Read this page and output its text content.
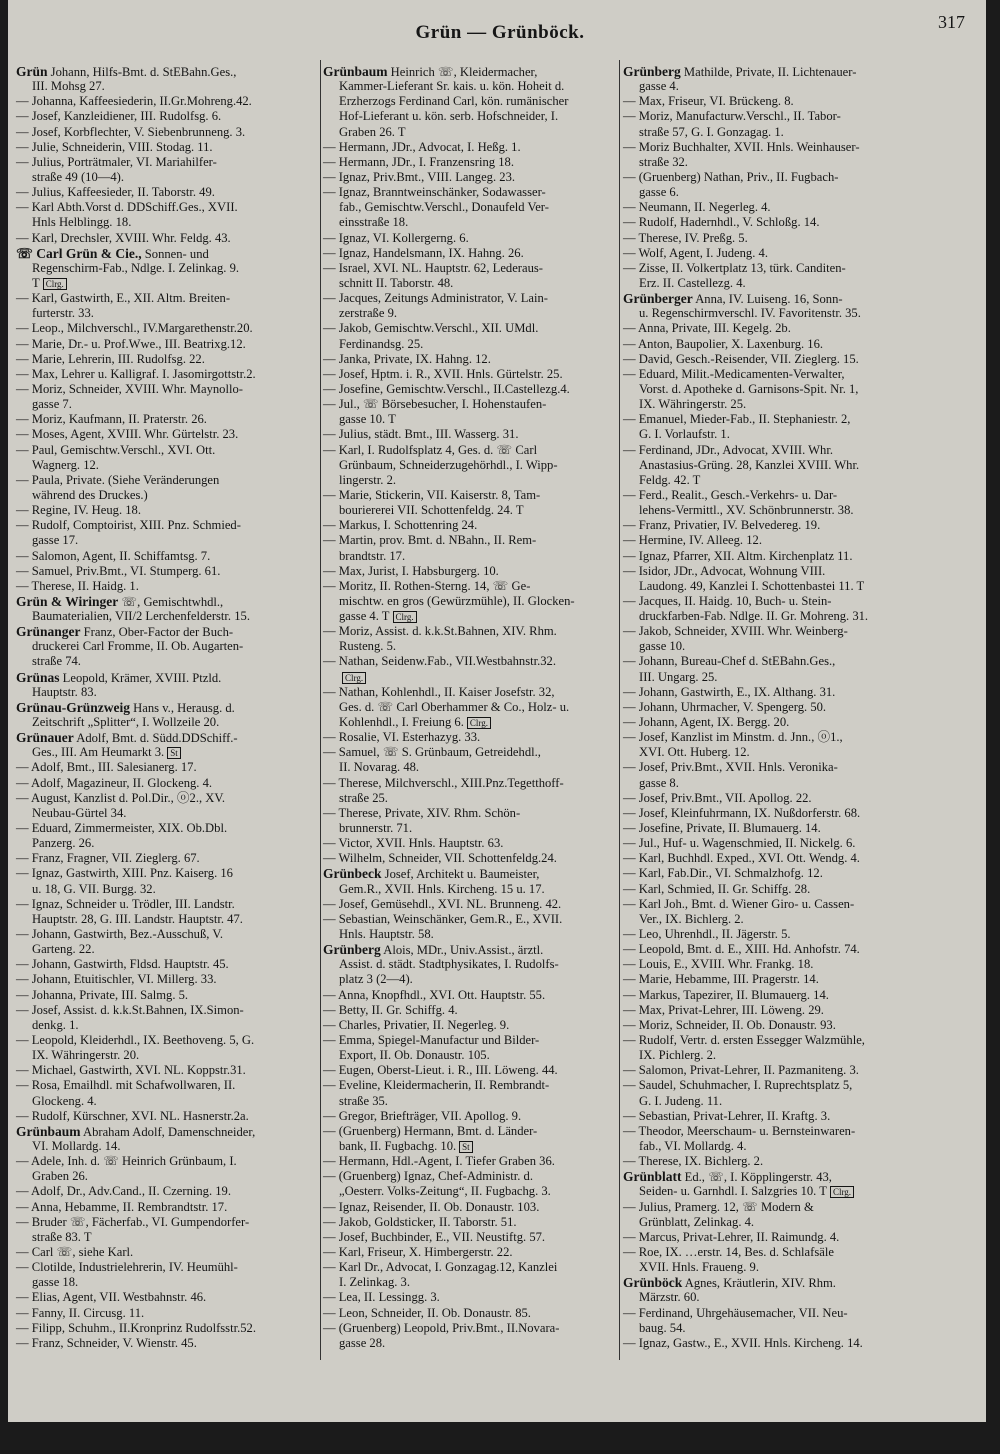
Grün — Grünböck.	317
Grün Johann, Hilfs-Bmt. d. StEBahn.Ges.,
III. Mohsg 27.
— Johanna, Kaffeesiederin, II.Gr.Mohreng.42.
— Josef, Kanzleidiener, III. Rudolfsg. 6.
— Josef, Korbflechter, V. Siebenbrunneng. 3.
— Julie, Schneiderin, VIII. Stodag. 11.
— Julius, Porträtmaler, VI. Mariahilfer-
straße 49 (10—4).
— Julius, Kaffeesieder, II. Taborstr. 49.
— Karl Abth.Vorst d. DDSchiff.Ges., XVII.
Hnls Helblingg. 18.
— Karl, Drechsler, XVIII. Whr. Feldg. 43.
☏ Carl Grün & Cie., Sonnen- und
Regenschirm-Fab., Ndlge. I. Zelinkag. 9.
T Clrg.
— Karl, Gastwirth, E., XII. Altm. Breiten-
furterstr. 33.
— Leop., Milchverschl., IV.Margarethenstr.20.
— Marie, Dr.- u. Prof.Wwe., III. Beatrixg.12.
— Marie, Lehrerin, III. Rudolfsg. 22.
— Max, Lehrer u. Kalligraf. I. Jasomirgottstr.2.
— Moriz, Schneider, XVIII. Whr. Maynollo-
gasse 7.
— Moriz, Kaufmann, II. Praterstr. 26.
— Moses, Agent, XVIII. Whr. Gürtelstr. 23.
— Paul, Gemischtw.Verschl., XVI. Ott.
Wagnerg. 12.
— Paula, Private. (Siehe Veränderungen
während des Druckes.)
— Regine, IV. Heug. 18.
— Rudolf, Comptoirist, XIII. Pnz. Schmied-
gasse 17.
— Salomon, Agent, II. Schiffamtsg. 7.
— Samuel, Priv.Bmt., VI. Stumperg. 61.
— Therese, II. Haidg. 1.
Grün & Wiringer ☏, Gemischtwhdl.,
Baumaterialien, VII/2 Lerchenfelderstr. 15.
Grünanger Franz, Ober-Factor der Buch-
druckerei Carl Fromme, II. Ob. Augarten-
straße 74.
Grünas Leopold, Krämer, XVIII. Ptzld.
Hauptstr. 83.
Grünau-Grünzweig Hans v., Herausg. d.
Zeitschrift „Splitter“, I. Wollzeile 20.
Grünauer Adolf, Bmt. d. Südd.DDSchiff.-
Ges., III. Am Heumarkt 3. St
— Adolf, Bmt., III. Salesianerg. 17.
— Adolf, Magazineur, II. Glockeng. 4.
— August, Kanzlist d. Pol.Dir., ⓞ2., XV.
Neubau-Gürtel 34.
— Eduard, Zimmermeister, XIX. Ob.Dbl.
Panzerg. 26.
— Franz, Fragner, VII. Zieglerg. 67.
— Ignaz, Gastwirth, XIII. Pnz. Kaiserg. 16
u. 18, G. VII. Burgg. 32.
— Ignaz, Schneider u. Trödler, III. Landstr.
Hauptstr. 28, G. III. Landstr. Hauptstr. 47.
— Johann, Gastwirth, Bez.-Ausschuß, V.
Garteng. 22.
— Johann, Gastwirth, Fldsd. Hauptstr. 45.
— Johann, Etuitischler, VI. Millerg. 33.
— Johanna, Private, III. Salmg. 5.
— Josef, Assist. d. k.k.St.Bahnen, IX.Simon-
denkg. 1.
— Leopold, Kleiderhdl., IX. Beethoveng. 5, G.
IX. Währingerstr. 20.
— Michael, Gastwirth, XVI. NL. Koppstr.31.
— Rosa, Emailhdl. mit Schafwollwaren, II.
Glockeng. 4.
— Rudolf, Kürschner, XVI. NL. Hasnerstr.2a.
Grünbaum Abraham Adolf, Damenschneider,
VI. Mollardg. 14.
— Adele, Inh. d. ☏ Heinrich Grünbaum, I.
Graben 26.
— Adolf, Dr., Adv.Cand., II. Czerning. 19.
— Anna, Hebamme, II. Rembrandtstr. 17.
— Bruder ☏, Fächerfab., VI. Gumpendorfer-
straße 83. T
— Carl ☏, siehe Karl.
— Clotilde, Industrielehrerin, IV. Heumühl-
gasse 18.
— Elias, Agent, VII. Westbahnstr. 46.
— Fanny, II. Circusg. 11.
— Filipp, Schuhm., II.Kronprinz Rudolfsstr.52.
— Franz, Schneider, V. Wienstr. 45.
Grünbaum Heinrich ☏, Kleidermacher,
Kammer-Lieferant Sr. kais. u. kön. Hoheit d.
Erzherzogs Ferdinand Carl, kön. rumänischer
Hof-Lieferant u. kön. serb. Hofschneider, I.
Graben 26. T
— Hermann, JDr., Advocat, I. Heßg. 1.
— Hermann, JDr., I. Franzensring 18.
— Ignaz, Priv.Bmt., VIII. Langeg. 23.
— Ignaz, Branntweinschänker, Sodawasser-
fab., Gemischtw.Verschl., Donaufeld Ver-
einsstraße 18.
— Ignaz, VI. Kollergerng. 6.
— Ignaz, Handelsmann, IX. Hahng. 26.
— Israel, XVI. NL. Hauptstr. 62, Lederaus-
schnitt II. Taborstr. 48.
— Jacques, Zeitungs Administrator, V. Lain-
zerstraße 9.
— Jakob, Gemischtw.Verschl., XII. UMdl.
Ferdinandsg. 25.
— Janka, Private, IX. Hahng. 12.
— Josef, Hptm. i. R., XVII. Hnls. Gürtelstr. 25.
— Josefine, Gemischtw.Verschl., II.Castellezg.4.
— Jul., ☏ Börsebesucher, I. Hohenstaufen-
gasse 10. T
— Julius, städt. Bmt., III. Wasserg. 31.
— Karl, I. Rudolfsplatz 4, Ges. d. ☏ Carl
Grünbaum, Schneiderzugehörhdl., I. Wipp-
lingerstr. 2.
— Marie, Stickerin, VII. Kaiserstr. 8, Tam-
bouriererei VII. Schottenfeldg. 24. T
— Markus, I. Schottenring 24.
— Martin, prov. Bmt. d. NBahn., II. Rem-
brandtstr. 17.
— Max, Jurist, I. Habsburgerg. 10.
— Moritz, II. Rothen-Sterng. 14, ☏ Ge-
mischtw. en gros (Gewürzmühle), II. Glocken-
gasse 4. T Clrg.
— Moriz, Assist. d. k.k.St.Bahnen, XIV. Rhm.
Rusteng. 5.
— Nathan, Seidenw.Fab., VII.Westbahnstr.32.
Clrg.
— Nathan, Kohlenhdl., II. Kaiser Josefstr. 32,
Ges. d. ☏ Carl Oberhammer & Co., Holz- u.
Kohlenhdl., I. Freiung 6. Clrg.
— Rosalie, VI. Esterhazyg. 33.
— Samuel, ☏ S. Grünbaum, Getreidehdl.,
II. Novarag. 48.
— Therese, Milchverschl., XIII.Pnz.Tegetthoff-
straße 25.
— Therese, Private, XIV. Rhm. Schön-
brunnerstr. 71.
— Victor, XVII. Hnls. Hauptstr. 63.
— Wilhelm, Schneider, VII. Schottenfeldg.24.
Grünbeck Josef, Architekt u. Baumeister,
Gem.R., XVII. Hnls. Kircheng. 15 u. 17.
— Josef, Gemüsehdl., XVI. NL. Brunneng. 42.
— Sebastian, Weinschänker, Gem.R., E., XVII.
Hnls. Hauptstr. 58.
Grünberg Alois, MDr., Univ.Assist., ärztl.
Assist. d. städt. Stadtphysikates, I. Rudolfs-
platz 3 (2—4).
— Anna, Knopfhdl., XVI. Ott. Hauptstr. 55.
— Betty, II. Gr. Schiffg. 4.
— Charles, Privatier, II. Negerleg. 9.
— Emma, Spiegel-Manufactur und Bilder-
Export, II. Ob. Donaustr. 105.
— Eugen, Oberst-Lieut. i. R., III. Löweng. 44.
— Eveline, Kleidermacherin, II. Rembrandt-
straße 35.
— Gregor, Briefträger, VII. Apollog. 9.
— (Gruenberg) Hermann, Bmt. d. Länder-
bank, II. Fugbachg. 10. St
— Hermann, Hdl.-Agent, I. Tiefer Graben 36.
— (Gruenberg) Ignaz, Chef-Administr. d.
„Oesterr. Volks-Zeitung“, II. Fugbachg. 3.
— Ignaz, Reisender, II. Ob. Donaustr. 103.
— Jakob, Goldsticker, II. Taborstr. 51.
— Josef, Buchbinder, E., VII. Neustiftg. 57.
— Karl, Friseur, X. Himbergerstr. 22.
— Karl Dr., Advocat, I. Gonzagag.12, Kanzlei
I. Zelinkag. 3.
— Lea, II. Lessingg. 3.
— Leon, Schneider, II. Ob. Donaustr. 85.
— (Gruenberg) Leopold, Priv.Bmt., II.Novara-
gasse 28.
Grünberg Mathilde, Private, II. Lichtenauer-
gasse 4.
— Max, Friseur, VI. Brückeng. 8.
— Moriz, Manufacturw.Verschl., II. Tabor-
straße 57, G. I. Gonzagag. 1.
— Moriz Buchhalter, XVII. Hnls. Weinhauser-
straße 32.
— (Gruenberg) Nathan, Priv., II. Fugbach-
gasse 6.
— Neumann, II. Negerleg. 4.
— Rudolf, Hadernhdl., V. Schloßg. 14.
— Therese, IV. Preßg. 5.
— Wolf, Agent, I. Judeng. 4.
— Zisse, II. Volkertplatz 13, türk. Canditen-
Erz. II. Castellezg. 4.
Grünberger Anna, IV. Luiseng. 16, Sonn-
u. Regenschirmverschl. IV. Favoritenstr. 35.
— Anna, Private, III. Kegelg. 2b.
— Anton, Baupolier, X. Laxenburg. 16.
— David, Gesch.-Reisender, VII. Zieglerg. 15.
— Eduard, Milit.-Medicamenten-Verwalter,
Vorst. d. Apotheke d. Garnisons-Spit. Nr. 1,
IX. Währingerstr. 25.
— Emanuel, Mieder-Fab., II. Stephaniestr. 2,
G. I. Vorlaufstr. 1.
— Ferdinand, JDr., Advocat, XVIII. Whr.
Anastasius-Grüng. 28, Kanzlei XVIII. Whr.
Feldg. 42. T
— Ferd., Realit., Gesch.-Verkehrs- u. Dar-
lehens-Vermittl., XV. Schönbrunnerstr. 38.
— Franz, Privatier, IV. Belvedereg. 19.
— Hermine, IV. Alleeg. 12.
— Ignaz, Pfarrer, XII. Altm. Kirchenplatz 11.
— Isidor, JDr., Advocat, Wohnung VIII.
Laudong. 49, Kanzlei I. Schottenbastei 11. T
— Jacques, II. Haidg. 10, Buch- u. Stein-
druckfarben-Fab. Ndlge. II. Gr. Mohreng. 31.
— Jakob, Schneider, XVIII. Whr. Weinberg-
gasse 10.
— Johann, Bureau-Chef d. StEBahn.Ges.,
III. Ungarg. 25.
— Johann, Gastwirth, E., IX. Althang. 31.
— Johann, Uhrmacher, V. Spengerg. 50.
— Johann, Agent, IX. Bergg. 20.
— Josef, Kanzlist im Minstm. d. Jnn., ⓞ1.,
XVI. Ott. Huberg. 12.
— Josef, Priv.Bmt., XVII. Hnls. Veronika-
gasse 8.
— Josef, Priv.Bmt., VII. Apollog. 22.
— Josef, Kleinfuhrmann, IX. Nußdorferstr. 68.
— Josefine, Private, II. Blumauerg. 14.
— Jul., Huf- u. Wagenschmied, II. Nickelg. 6.
— Karl, Buchhdl. Exped., XVI. Ott. Wendg. 4.
— Karl, Fab.Dir., VI. Schmalzhofg. 12.
— Karl, Schmied, II. Gr. Schiffg. 28.
— Karl Joh., Bmt. d. Wiener Giro- u. Cassen-
Ver., IX. Bichlerg. 2.
— Leo, Uhrenhdl., II. Jägerstr. 5.
— Leopold, Bmt. d. E., XIII. Hd. Anhofstr. 74.
— Louis, E., XVIII. Whr. Frankg. 18.
— Marie, Hebamme, III. Pragerstr. 14.
— Markus, Tapezirer, II. Blumauerg. 14.
— Max, Privat-Lehrer, III. Löweng. 29.
— Moriz, Schneider, II. Ob. Donaustr. 93.
— Rudolf, Vertr. d. ersten Essegger Walzmühle,
IX. Pichlerg. 2.
— Salomon, Privat-Lehrer, II. Pazmaniteng. 3.
— Saudel, Schuhmacher, I. Ruprechtsplatz 5,
G. I. Judeng. 11.
— Sebastian, Privat-Lehrer, II. Kraftg. 3.
— Theodor, Meerschaum- u. Bernsteinwaren-
fab., VI. Mollardg. 4.
— Therese, IX. Bichlerg. 2.
Grünblatt Ed., ☏, I. Köpplingerstr. 43,
Seiden- u. Garnhdl. I. Salzgries 10. T Clrg.
— Julius, Pramerg. 12, ☏ Modern &
Grünblatt, Zelinkag. 4.
— Marcus, Privat-Lehrer, II. Raimundg. 4.
— Roe, IX. …erstr. 14, Bes. d. Schlafsäle
XVII. Hnls. Fraueng. 9.
Grünböck Agnes, Kräutlerin, XIV. Rhm.
Märzstr. 60.
— Ferdinand, Uhrgehäusemacher, VII. Neu-
baug. 54.
— Ignaz, Gastw., E., XVII. Hnls. Kircheng. 14.
